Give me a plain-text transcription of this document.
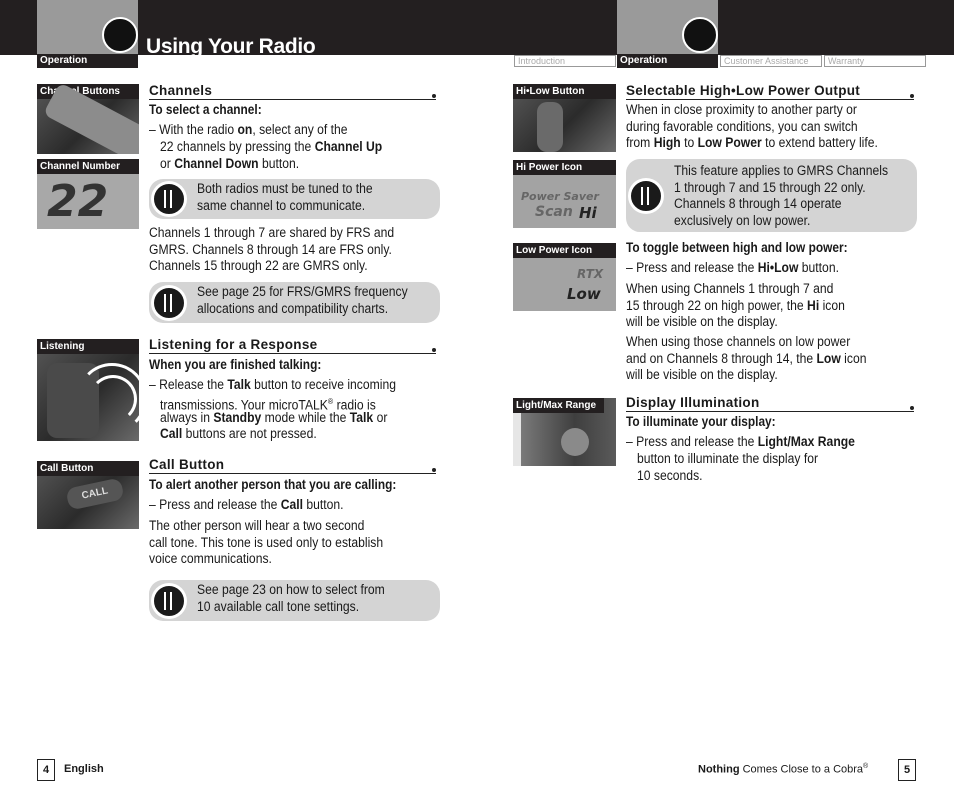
Operation
Using Your Radio
Introduction	Operation	Customer Assistance	Warranty
Channel Buttons
Channel Number
22
Listening
Call Button
CALL
Channels
To select a channel:
– With the radio on, select any of the
22 channels by pressing the Channel Up
or Channel Down button.
Both radios must be tuned to the
same channel to communicate.
Channels 1 through 7 are shared by FRS and
GMRS. Channels 8 through 14 are FRS only.
Channels 15 through 22 are GMRS only.
See page 25 for FRS/GMRS frequency
allocations and compatibility charts.
Listening for a Response
When you are finished talking:
– Release the Talk button to receive incoming
transmissions. Your microTALK® radio is
always in Standby mode while the Talk or
Call buttons are not pressed.
Call Button
To alert another person that you are calling:
– Press and release the Call button.
The other person will hear a two second
call tone. This tone is used only to establish
voice communications.
See page 23 on how to select from
10 available call tone settings.
Hi•Low Button
Hi Power Icon
Power Saver
Scan Hi
Low Power Icon
RTX
Low
Light/Max Range
Selectable High•Low Power Output
When in close proximity to another party or
during favorable conditions, you can switch
from High to Low Power to extend battery life.
This feature applies to GMRS Channels
1 through 7 and 15 through 22 only.
Channels 8 through 14 operate
exclusively on low power.
To toggle between high and low power:
– Press and release the Hi•Low button.
When using Channels 1 through 7 and
15 through 22 on high power, the Hi icon
will be visible on the display.
When using those channels on low power
and on Channels 8 through 14, the Low icon
will be visible on the display.
Display Illumination
To illuminate your display:
– Press and release the Light/Max Range
button to illuminate the display for
10 seconds.
4	English	Nothing Comes Close to a Cobra®	5
